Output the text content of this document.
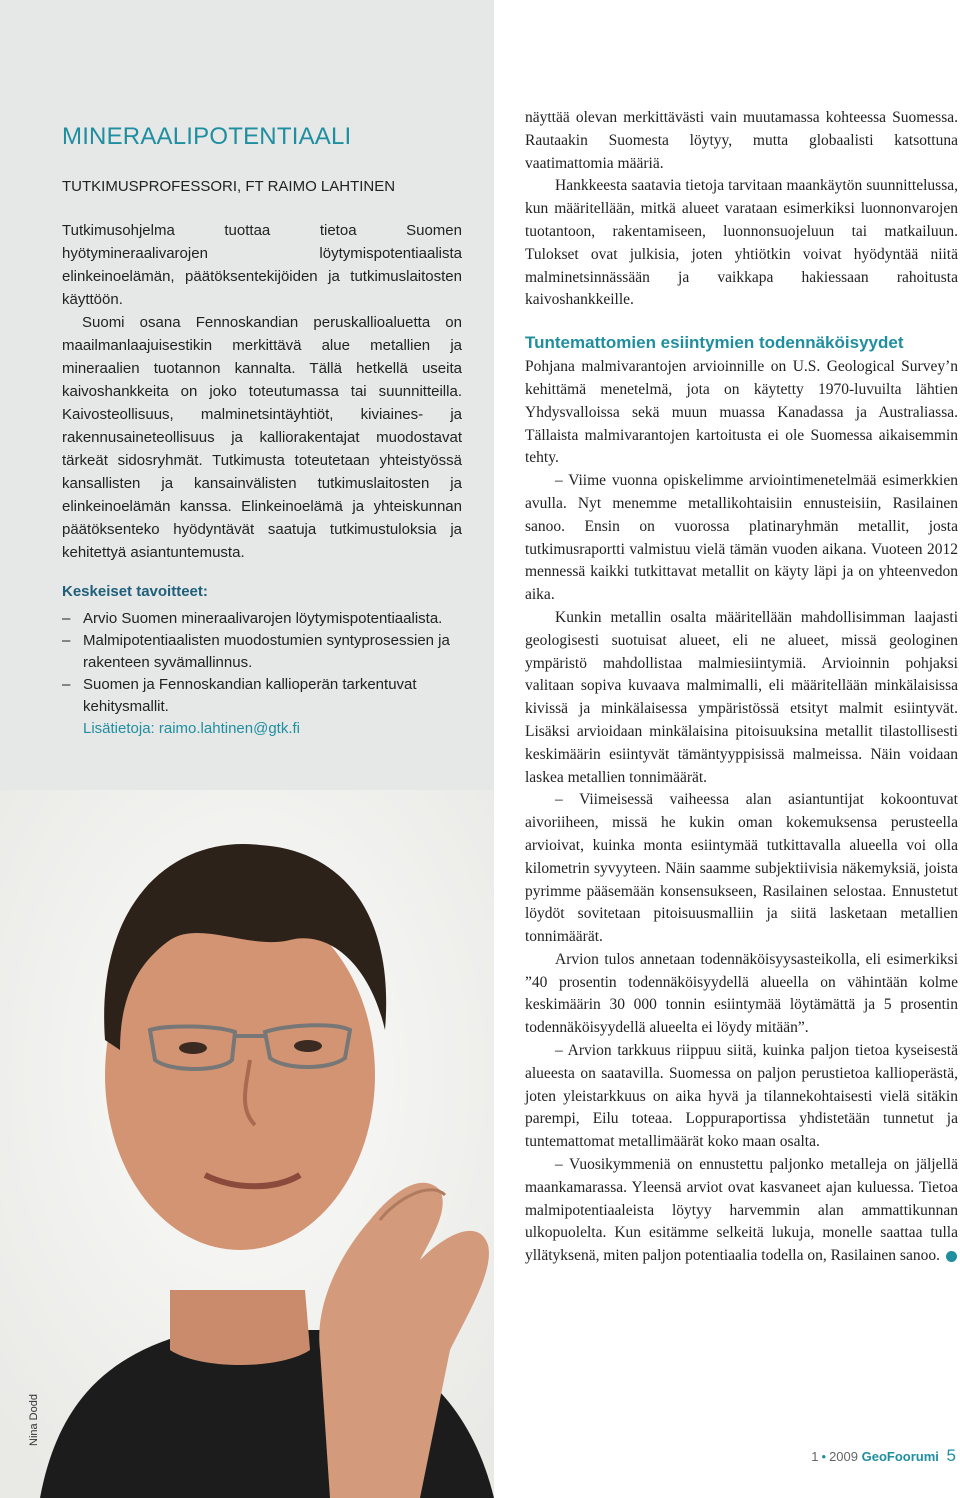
MINERAALIPOTENTIAALI
TUTKIMUSPROFESSORI, FT RAIMO LAHTINEN

Tutkimusohjelma tuottaa tietoa Suomen hyötymineraalivarojen löytymispotentiaalista elinkeinoelämän, päätöksentekijöiden ja tutkimuslaitosten käyttöön.

Suomi osana Fennoskandian peruskallioaluetta on maailmanlaajuisestikin merkittävä alue metallien ja mineraalien tuotannon kannalta. Tällä hetkellä useita kaivoshankkeita on joko toteutumassa tai suunnitteilla. Kaivosteollisuus, malminetsintäyhtiöt, kiviaines- ja rakennusaineteollisuus ja kalliorakentajat muodostavat tärkeät sidosryhmät. Tutkimusta toteutetaan yhteistyössä kansallisten ja kansainvälisten tutkimuslaitosten ja elinkeinoelämän kanssa. Elinkeinoelämä ja yhteiskunnan päätöksenteko hyödyntävät saatuja tutkimustuloksia ja kehitettyä asiantuntemusta.

Keskeiset tavoitteet:
– Arvio Suomen mineraalivarojen löytymispotentiaalista.
– Malmipotentiaalisten muodostumien syntyprosessien ja rakenteen syvämallinnus.
– Suomen ja Fennoskandian kallioperän tarkentuvat kehitysmallit.
Lisätietoja: raimo.lahtinen@gtk.fi

näyttää olevan merkittävästi vain muutamassa kohteessa Suomessa. Rautaakin Suomesta löytyy, mutta globaalisti katsottuna vaatimattomia määriä.

Hankkeesta saatavia tietoja tarvitaan maankäytön suunnittelussa, kun määritellään, mitkä alueet varataan esimerkiksi luonnonvarojen tuotantoon, rakentamiseen, luonnonsuojeluun tai matkailuun. Tulokset ovat julkisia, joten yhtiötkin voivat hyödyntää niitä malminetsinnässään ja vaikkapa hakiessaan rahoitusta kaivoshankkeille.

Tuntemattomien esiintymien todennäköisyydet

Pohjana malmivarantojen arvioinnille on U.S. Geological Survey’n kehittämä menetelmä, jota on käytetty 1970-luvuilta lähtien Yhdysvalloissa sekä muun muassa Kanadassa ja Australiassa. Tällaista malmivarantojen kartoitusta ei ole Suomessa aikaisemmin tehty.

– Viime vuonna opiskelimme arviointimenetelmää esimerkkien avulla. Nyt menemme metallikohtaisiin ennusteisiin, Rasilainen sanoo. Ensin on vuorossa platinaryhmän metallit, josta tutkimusraportti valmistuu vielä tämän vuoden aikana. Vuoteen 2012 mennessä kaikki tutkittavat metallit on käyty läpi ja on yhteenvedon aika.

Kunkin metallin osalta määritellään mahdollisimman laajasti geologisesti suotuisat alueet, eli ne alueet, missä geologinen ympäristö mahdollistaa malmiesiintymiä. Arvioinnin pohjaksi valitaan sopiva kuvaava malmimalli, eli määritellään minkälaisissa kivissä ja minkälaisessa ympäristössä etsityt malmit esiintyvät. Lisäksi arvioidaan minkälaisina pitoisuuksina metallit tilastollisesti keskimäärin esiintyvät tämäntyyppisissä malmeissa. Näin voidaan laskea metallien tonnimäärät.

– Viimeisessä vaiheessa alan asiantuntijat kokoontuvat aivoriiheen, missä he kukin oman kokemuksensa perusteella arvioivat, kuinka monta esiintymää tutkittavalla alueella voi olla kilometrin syvyyteen. Näin saamme subjektiivisia näkemyksiä, joista pyrimme pääsemään konsensukseen, Rasilainen selostaa. Ennustetut löydöt sovitetaan pitoisuusmalliin ja siitä lasketaan metallien tonnimäärät.

Arvion tulos annetaan todennäköisyysasteikolla, eli esimerkiksi ”40 prosentin todennäköisyydellä alueella on vähintään kolme keskimäärin 30 000 tonnin esiintymää löytämättä ja 5 prosentin todennäköisyydellä alueelta ei löydy mitään”.

– Arvion tarkkuus riippuu siitä, kuinka paljon tietoa kyseisestä alueesta on saatavilla. Suomessa on paljon perustietoa kallioperästä, joten yleistarkkuus on aika hyvä ja tilannekohtaisesti vielä sitäkin parempi, Eilu toteaa. Loppuraportissa yhdistetään tunnetut ja tuntemattomat metallimäärät koko maan osalta.

– Vuosikymmeniä on ennustettu paljonko metalleja on jäljellä maankamarassa. Yleensä arviot ovat kasvaneet ajan kuluessa. Tietoa malmipotentiaaleista löytyy harvemmin alan ammattikunnan ulkopuolelta. Kun esitämme selkeitä lukuja, monelle saattaa tulla yllätyksenä, miten paljon potentiaalia todella on, Rasilainen sanoo.

Nina Dodd
1 • 2009 GeoFoorumi 5
